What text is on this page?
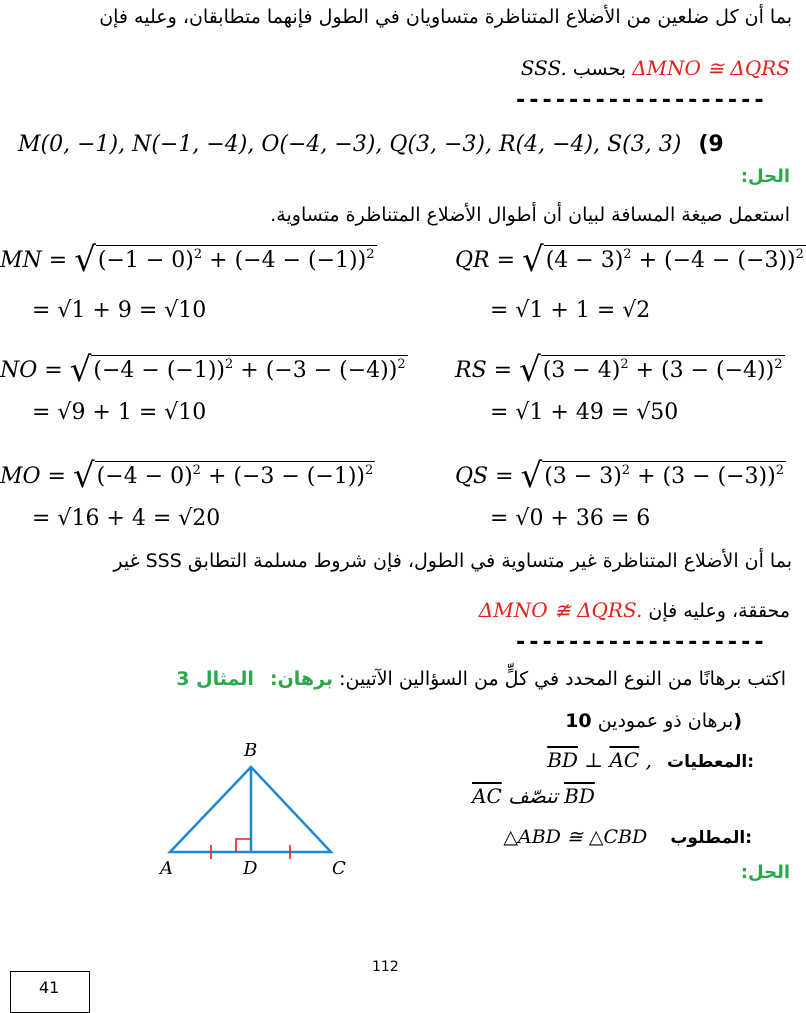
بما أن كل ضلعين من الأضلاع المتناظرة متساويان في الطول فإنهما متطابقان، وعليه فإن
SSS. بحسب ΔMNO ≅ ΔQRS
-------------------
M(0, −1), N(−1, −4), O(−4, −3), Q(3, −3), R(4, −4), S(3, 3) (9
الحل:
استعمل صيغة المسافة لبيان أن أطوال الأضلاع المتناظرة متساوية.
MN = $√(-1 - 0)^2 + (-4 - (-1))^2$
= √1 + 9 = √10
QR = $√(4 - 3)^2 + (-4 - (-3))^2$
= √1 + 1 = √2
NO = $√(-4 - (-1))^2 + (-3 - (-4))^2$
= √9 + 1 = √10
RS = $√(3 - 4)^2 + (3 - (-4))^2$
= √1 + 49 = √50
MO = $√(-4 - 0)^2 + (-3 - (-1))^2$
= √16 + 4 = √20
QS = $√(3 - 3)^2 + (3 - (-3))^2$
= √0 + 36 = 6
بما أن الأضلاع المتناظرة غير متساوية في الطول، فإن شروط مسلمة التطابق SSS غير
ΔMNO ≇ ΔQRS. محققة، وعليه فإن
-------------------
اكتب برهانًا من النوع المحدد في كلٍّ من السؤالين الآتيين: برهان: المثال 3
برهان ذو عمودين 10)
$\overline{BD}$ ⊥ $\overline{AC}$ , المعطيات:
$\overline{AC}$ تنصّف $\overline{BD}$
△ABD ≅ △CBD المطلوب:
الحل:
B
A	D	C
112
41
